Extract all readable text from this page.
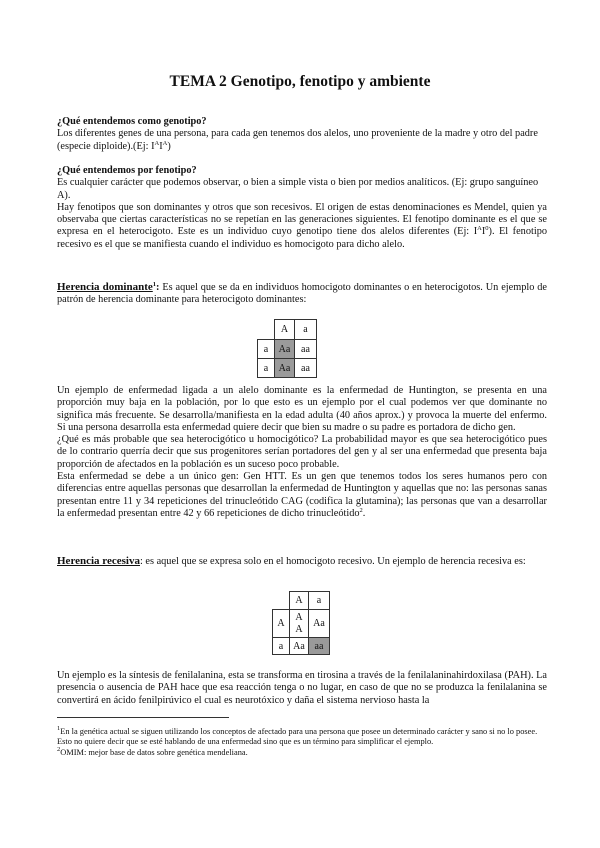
TEMA 2 Genotipo, fenotipo y ambiente

¿Qué entendemos como genotipo?

Los diferentes genes de una persona, para cada gen tenemos dos alelos, uno proveniente de la madre y otro del padre (especie diploide).(Ej: $I^AI^A$)

¿Qué entendemos por fenotipo?

Es cualquier carácter que podemos observar, o bien a simple vista o bien por medios analíticos. (Ej: grupo sanguíneo A).

Hay fenotipos que son dominantes y otros que son recesivos. El origen de estas denominaciones es Mendel, quien ya observaba que ciertas características no se repetían en las generaciones siguientes. El fenotipo dominante es el que se expresa en el heterocigoto. Este es un individuo cuyo genotipo tiene dos alelos diferentes (Ej: $I^AI^0$). El fenotipo recesivo es el que se manifiesta cuando el individuo es homocigoto para dicho alelo.

Herencia dominante$^1$: Es aquel que se da en individuos homocigoto dominantes o en heterocigotos. Un ejemplo de patrón de herencia dominante para heterocigoto dominantes:

	A	a
a	Aa	aa
a	Aa	aa

Un ejemplo de enfermedad ligada a un alelo dominante es la enfermedad de Huntington, se presenta en una proporción muy baja en la población, por lo que esto es un ejemplo por el cual podemos ver que dominante no significa más frecuente. Se desarrolla/manifiesta en la edad adulta (40 años aprox.) y provoca la muerte del enfermo. Si una persona desarrolla esta enfermedad quiere decir que bien su madre o su padre es portadora de dicho gen.

¿Qué es más probable que sea heterocigótico u homocigótico? La probabilidad mayor es que sea heterocigótico pues de lo contrario querría decir que sus progenitores serían portadores del gen y al ser una enfermedad que presenta baja proporción de afectados en la población es un suceso poco probable.

Esta enfermedad se debe a un único gen: Gen HTT. Es un gen que tenemos todos los seres humanos pero con diferencias entre aquellas personas que desarrollan la enfermedad de Huntington y aquellas que no: las personas sanas presentan entre 11 y 34 repeticiones del trinucleótido CAG (codifica la glutamina); las personas que van a desarrollar la enfermedad presentan entre 42 y 66 repeticiones de dicho trinucleótido$^2$.

Herencia recesiva: es aquel que se expresa solo en el homocigoto recesivo. Un ejemplo de herencia recesiva es:

	A	a
A	A A	Aa
a	Aa	aa

Un ejemplo es la síntesis de fenilalanina, esta se transforma en tirosina a través de la fenilalaninahirdoxilasa (PAH). La presencia o ausencia de PAH hace que esa reacción tenga o no lugar, en caso de que no se produzca la fenilalanina se convertirá en ácido fenilpirúvico el cual es neurotóxico y daña el sistema nervioso hasta la

$^1$En la genética actual se siguen utilizando los conceptos de afectado para una persona que posee un determinado carácter y sano si no lo posee. Esto no quiere decir que se esté hablando de una enfermedad sino que es un término para simplificar el ejemplo.

$^2$OMIM: mejor base de datos sobre genética mendeliana.
